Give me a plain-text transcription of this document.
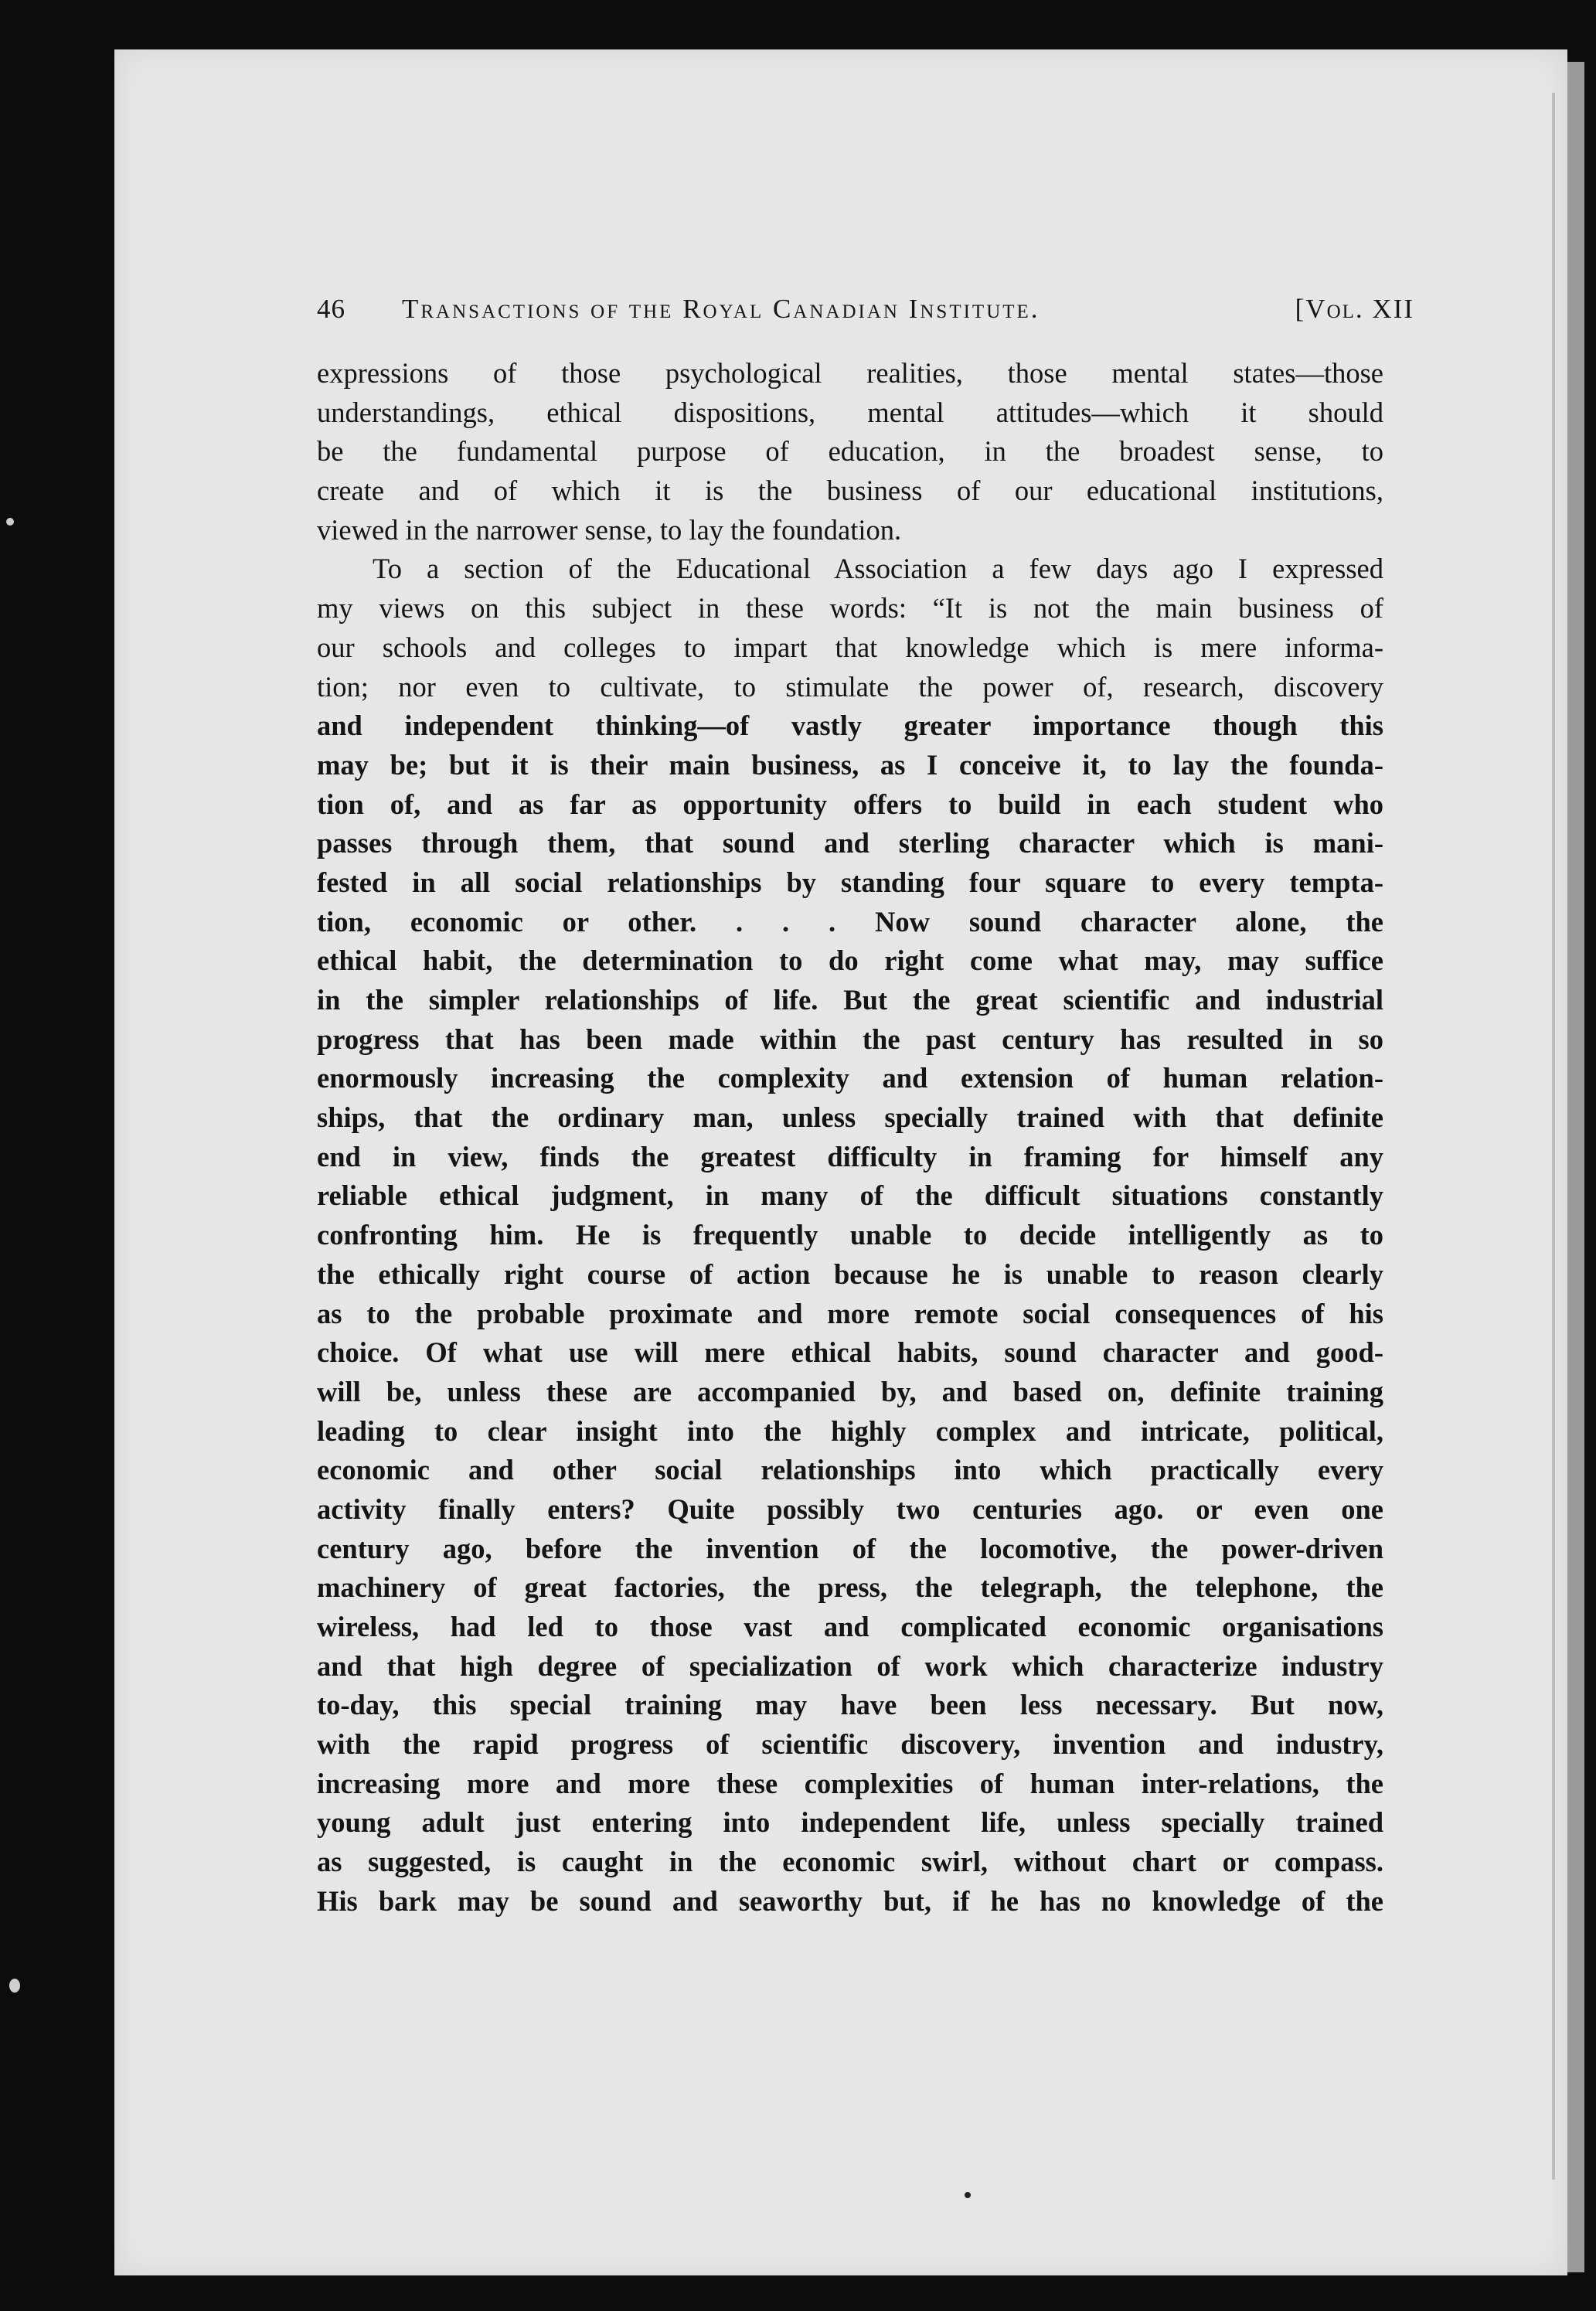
46 Transactions of the Royal Canadian Institute.	[Vol. XII
expressions of those psychological realities, those mental states—those
understandings, ethical dispositions, mental attitudes—which it should
be the fundamental purpose of education, in the broadest sense, to
create and of which it is the business of our educational institutions,
viewed in the narrower sense, to lay the foundation.
To a section of the Educational Association a few days ago I expressed
my views on this subject in these words: “It is not the main business of
our schools and colleges to impart that knowledge which is mere informa-
tion; nor even to cultivate, to stimulate the power of, research, discovery
and independent thinking—of vastly greater importance though this
may be; but it is their main business, as I conceive it, to lay the founda-
tion of, and as far as opportunity offers to build in each student who
passes through them, that sound and sterling character which is mani-
fested in all social relationships by standing four square to every tempta-
tion, economic or other. . . . Now sound character alone, the
ethical habit, the determination to do right come what may, may suffice
in the simpler relationships of life. But the great scientific and industrial
progress that has been made within the past century has resulted in so
enormously increasing the complexity and extension of human relation-
ships, that the ordinary man, unless specially trained with that definite
end in view, finds the greatest difficulty in framing for himself any
reliable ethical judgment, in many of the difficult situations constantly
confronting him. He is frequently unable to decide intelligently as to
the ethically right course of action because he is unable to reason clearly
as to the probable proximate and more remote social consequences of his
choice. Of what use will mere ethical habits, sound character and good-
will be, unless these are accompanied by, and based on, definite training
leading to clear insight into the highly complex and intricate, political,
economic and other social relationships into which practically every
activity finally enters? Quite possibly two centuries ago. or even one
century ago, before the invention of the locomotive, the power-driven
machinery of great factories, the press, the telegraph, the telephone, the
wireless, had led to those vast and complicated economic organisations
and that high degree of specialization of work which characterize industry
to-day, this special training may have been less necessary. But now,
with the rapid progress of scientific discovery, invention and industry,
increasing more and more these complexities of human inter-relations, the
young adult just entering into independent life, unless specially trained
as suggested, is caught in the economic swirl, without chart or compass.
His bark may be sound and seaworthy but, if he has no knowledge of the
